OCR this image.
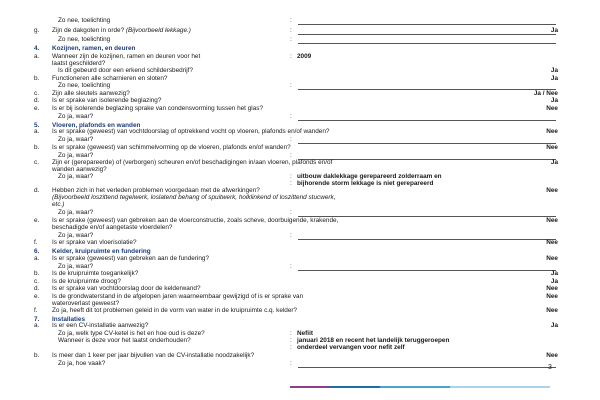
Zo nee, toelichting	:
g. Zijn de dakgoten in orde? (Bijvoorbeeld lekkage.)	:	Ja
Zo nee, toelichting	:
4. Kozijnen, ramen, en deuren
a. Wanneer zijn de kozijnen, ramen en deuren voor het	: 2009
laatst geschilderd?
Is dit gebeurd door een erkend schildersbedrijf?	Ja
b. Functioneren alle scharnieren en sloten?	Ja
Zo nee, toelichting	:
c. Zijn alle sleutels aanwezig?	Ja / Nee
d. Is er sprake van isolerende beglazing?	Ja
e. Is er bij isolerende beglazing sprake van condensvorming tussen het glas?	Nee
Zo ja, waar?	:
5. Vloeren, plafonds en wanden
a. Is er sprake (geweest) van vochtdoorslag of optrekkend vocht op vloeren, plafonds en/of wanden?	Nee
Zo ja, waar?	:
b. Is er sprake (geweest) van schimmelvorming op de vloeren, plafonds en/of wanden?	Nee
Zo ja, waar?	:
c. Zijn er (gerepareerde) of (verborgen) scheuren en/of beschadigingen in/aan vloeren, plafonds en/of	Ja
wanden aanwezig?
Zo ja, waar?	: uitbouw daklekkage gerepareerd zolderraam en
: bijhorende storm lekkage is niet gerepareerd
d. Hebben zich in het verleden problemen voorgedaan met de afwerkingen?	Nee
(Bijvoorbeeld loszittend tegelwerk, loslatend behang of spuitwerk, holklinkend of loszittend stucwerk,
etc.)
Zo ja, waar?	:
e. Is er sprake (geweest) van gebreken aan de vloerconstructie, zoals scheve, doorbuigende, krakende,	Nee
beschadigde en/of aangetaste vloerdelen?
Zo ja, waar?	:
f. Is er sprake van vloerisolatie?	Nee
6. Kelder, kruipruimte en fundering
a. Is er sprake (geweest) van gebreken aan de fundering?	Nee
Zo ja, waar?	:
b. Is de kruipruimte toegankelijk?	Ja
c. Is de kruipruimte droog?	Ja
d. Is er sprake van vochtdoorslag door de kelderwand?	Nee
e. Is de grondwaterstand in de afgelopen jaren waarneembaar gewijzigd of is er sprake van	Nee
wateroverlast geweest?
f. Zo ja, heeft dit tot problemen geleid in de vorm van water in de kruipruimte c.q. kelder?	Nee
7. Installaties
a. Is er een CV-installatie aanwezig?	Ja
Zo ja, welk type CV-ketel is het en hoe oud is deze?	: Nefiit
Wanneer is deze voor het laatst onderhouden?	: januari 2018 en recent het landelijk teruggeroepen
: onderdeel vervangen voor nefit zelf
b. Is meer dan 1 keer per jaar bijvullen van de CV-installatie noodzakelijk?	Nee
Zo ja, hoe vaak?	:
3
